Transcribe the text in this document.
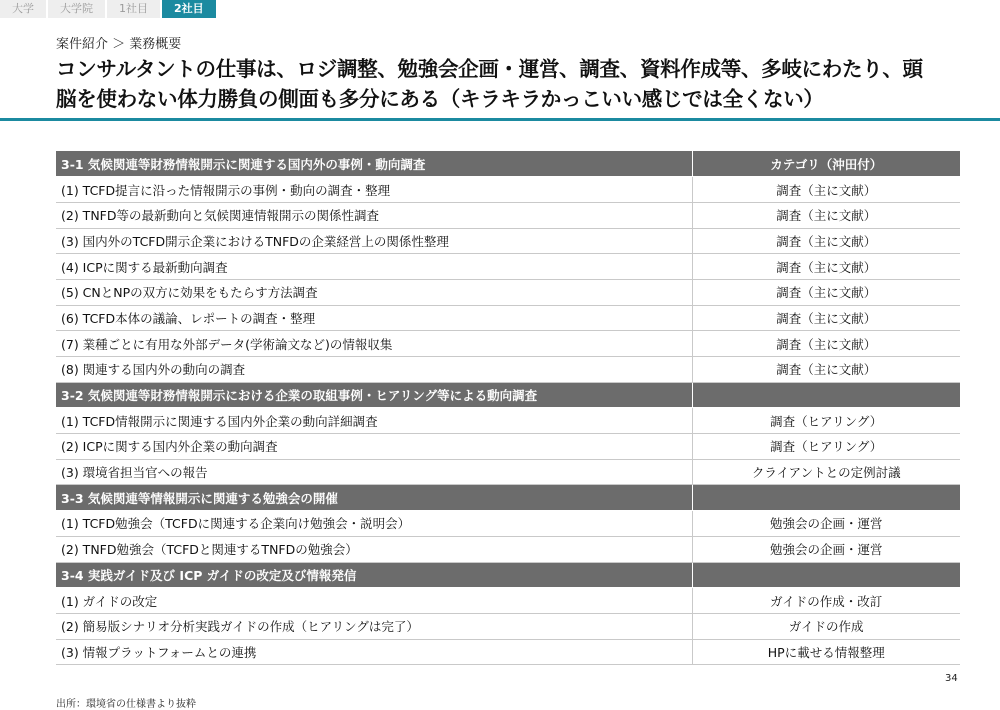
大学	大学院	1社目	2社目
案件紹介 ＞ 業務概要
コンサルタントの仕事は、ロジ調整、勉強会企画・運営、調査、資料作成等、多岐にわたり、頭
脳を使わない体力勝負の側面も多分にある（キラキラかっこいい感じでは全くない）
3-1 気候関連等財務情報開示に関連する国内外の事例・動向調査	カテゴリ（沖田付）
(1) TCFD提言に沿った情報開示の事例・動向の調査・整理	調査（主に文献）
(2) TNFD等の最新動向と気候関連情報開示の関係性調査	調査（主に文献）
(3) 国内外のTCFD開示企業におけるTNFDの企業経営上の関係性整理	調査（主に文献）
(4) ICPに関する最新動向調査	調査（主に文献）
(5) CNとNPの双方に効果をもたらす方法調査	調査（主に文献）
(6) TCFD本体の議論、レポートの調査・整理	調査（主に文献）
(7) 業種ごとに有用な外部データ(学術論文など)の情報収集	調査（主に文献）
(8) 関連する国内外の動向の調査	調査（主に文献）
3-2 気候関連等財務情報開示における企業の取組事例・ヒアリング等による動向調査	
(1) TCFD情報開示に関連する国内外企業の動向詳細調査	調査（ヒアリング）
(2) ICPに関する国内外企業の動向調査	調査（ヒアリング）
(3) 環境省担当官への報告	クライアントとの定例討議
3-3 気候関連等情報開示に関連する勉強会の開催	
(1) TCFD勉強会（TCFDに関連する企業向け勉強会・説明会）	勉強会の企画・運営
(2) TNFD勉強会（TCFDと関連するTNFDの勉強会）	勉強会の企画・運営
3-4 実践ガイド及び ICP ガイドの改定及び情報発信	
(1) ガイドの改定	ガイドの作成・改訂
(2) 簡易版シナリオ分析実践ガイドの作成（ヒアリングは完了）	ガイドの作成
(3) 情報プラットフォームとの連携	HPに載せる情報整理
34
出所：環境省の仕様書より抜粋
